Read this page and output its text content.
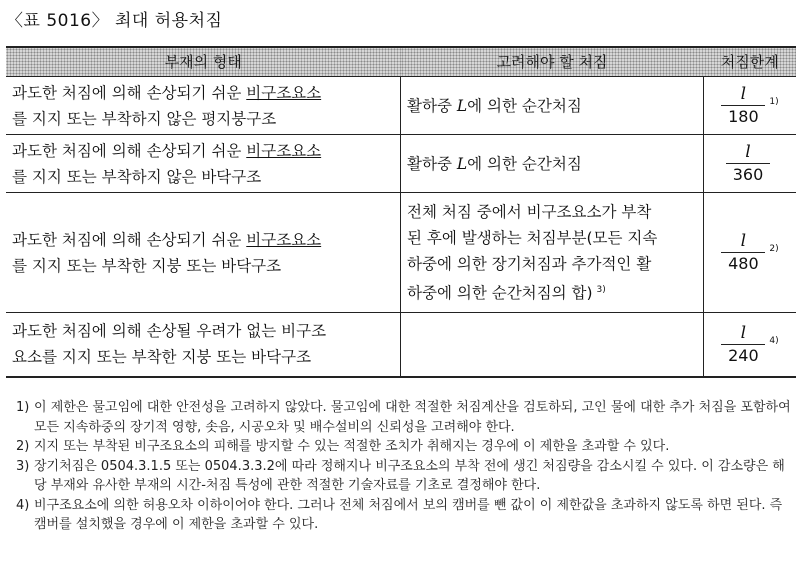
〈표 5016〉 최대 허용처짐
부재의 형태	고려해야 할 처짐	처짐한계
과도한 처짐에 의해 손상되기 쉬운 비구조요소
를 지지 또는 부착하지 않은 평지붕구조	활하중 L에 의한 순간처짐	$\frac{l}{180} ^{1)}$
과도한 처짐에 의해 손상되기 쉬운 비구조요소
를 지지 또는 부착하지 않은 바닥구조	활하중 L에 의한 순간처짐	$\frac{l}{360}$

과도한 처짐에 의해 손상되기 쉬운 비구조요소
를 지지 또는 부착한 지붕 또는 바닥구조	전체 처짐 중에서 비구조요소가 부착
된 후에 발생하는 처짐부분(모든 지속
하중에 의한 장기처짐과 추가적인 활
하중에 의한 순간처짐의 합) $^{3)}$	$\frac{l}{480} ^{2)}$
과도한 처짐에 의해 손상될 우려가 없는 비구조
요소를 지지 또는 부착한 지붕 또는 바닥구조		$\frac{l}{240} ^{4)}$
1) 이 제한은 물고임에 대한 안전성을 고려하지 않았다. 물고임에 대한 적절한 처짐계산을 검토하되, 고인 물에 대한 추가 처짐을 포함하여 모든 지속하중의 장기적 영향, 솟음, 시공오차 및 배수설비의 신뢰성을 고려해야 한다.
2) 지지 또는 부착된 비구조요소의 피해를 방지할 수 있는 적절한 조치가 취해지는 경우에 이 제한을 초과할 수 있다.
3) 장기처짐은 0504.3.1.5 또는 0504.3.3.2에 따라 정해지나 비구조요소의 부착 전에 생긴 처짐량을 감소시킬 수 있다. 이 감소량은 해당 부재와 유사한 부재의 시간-처짐 특성에 관한 적절한 기술자료를 기초로 결정해야 한다.
4) 비구조요소에 의한 허용오차 이하이어야 한다. 그러나 전체 처짐에서 보의 캠버를 뺀 값이 이 제한값을 초과하지 않도록 하면 된다. 즉 캠버를 설치했을 경우에 이 제한을 초과할 수 있다.
